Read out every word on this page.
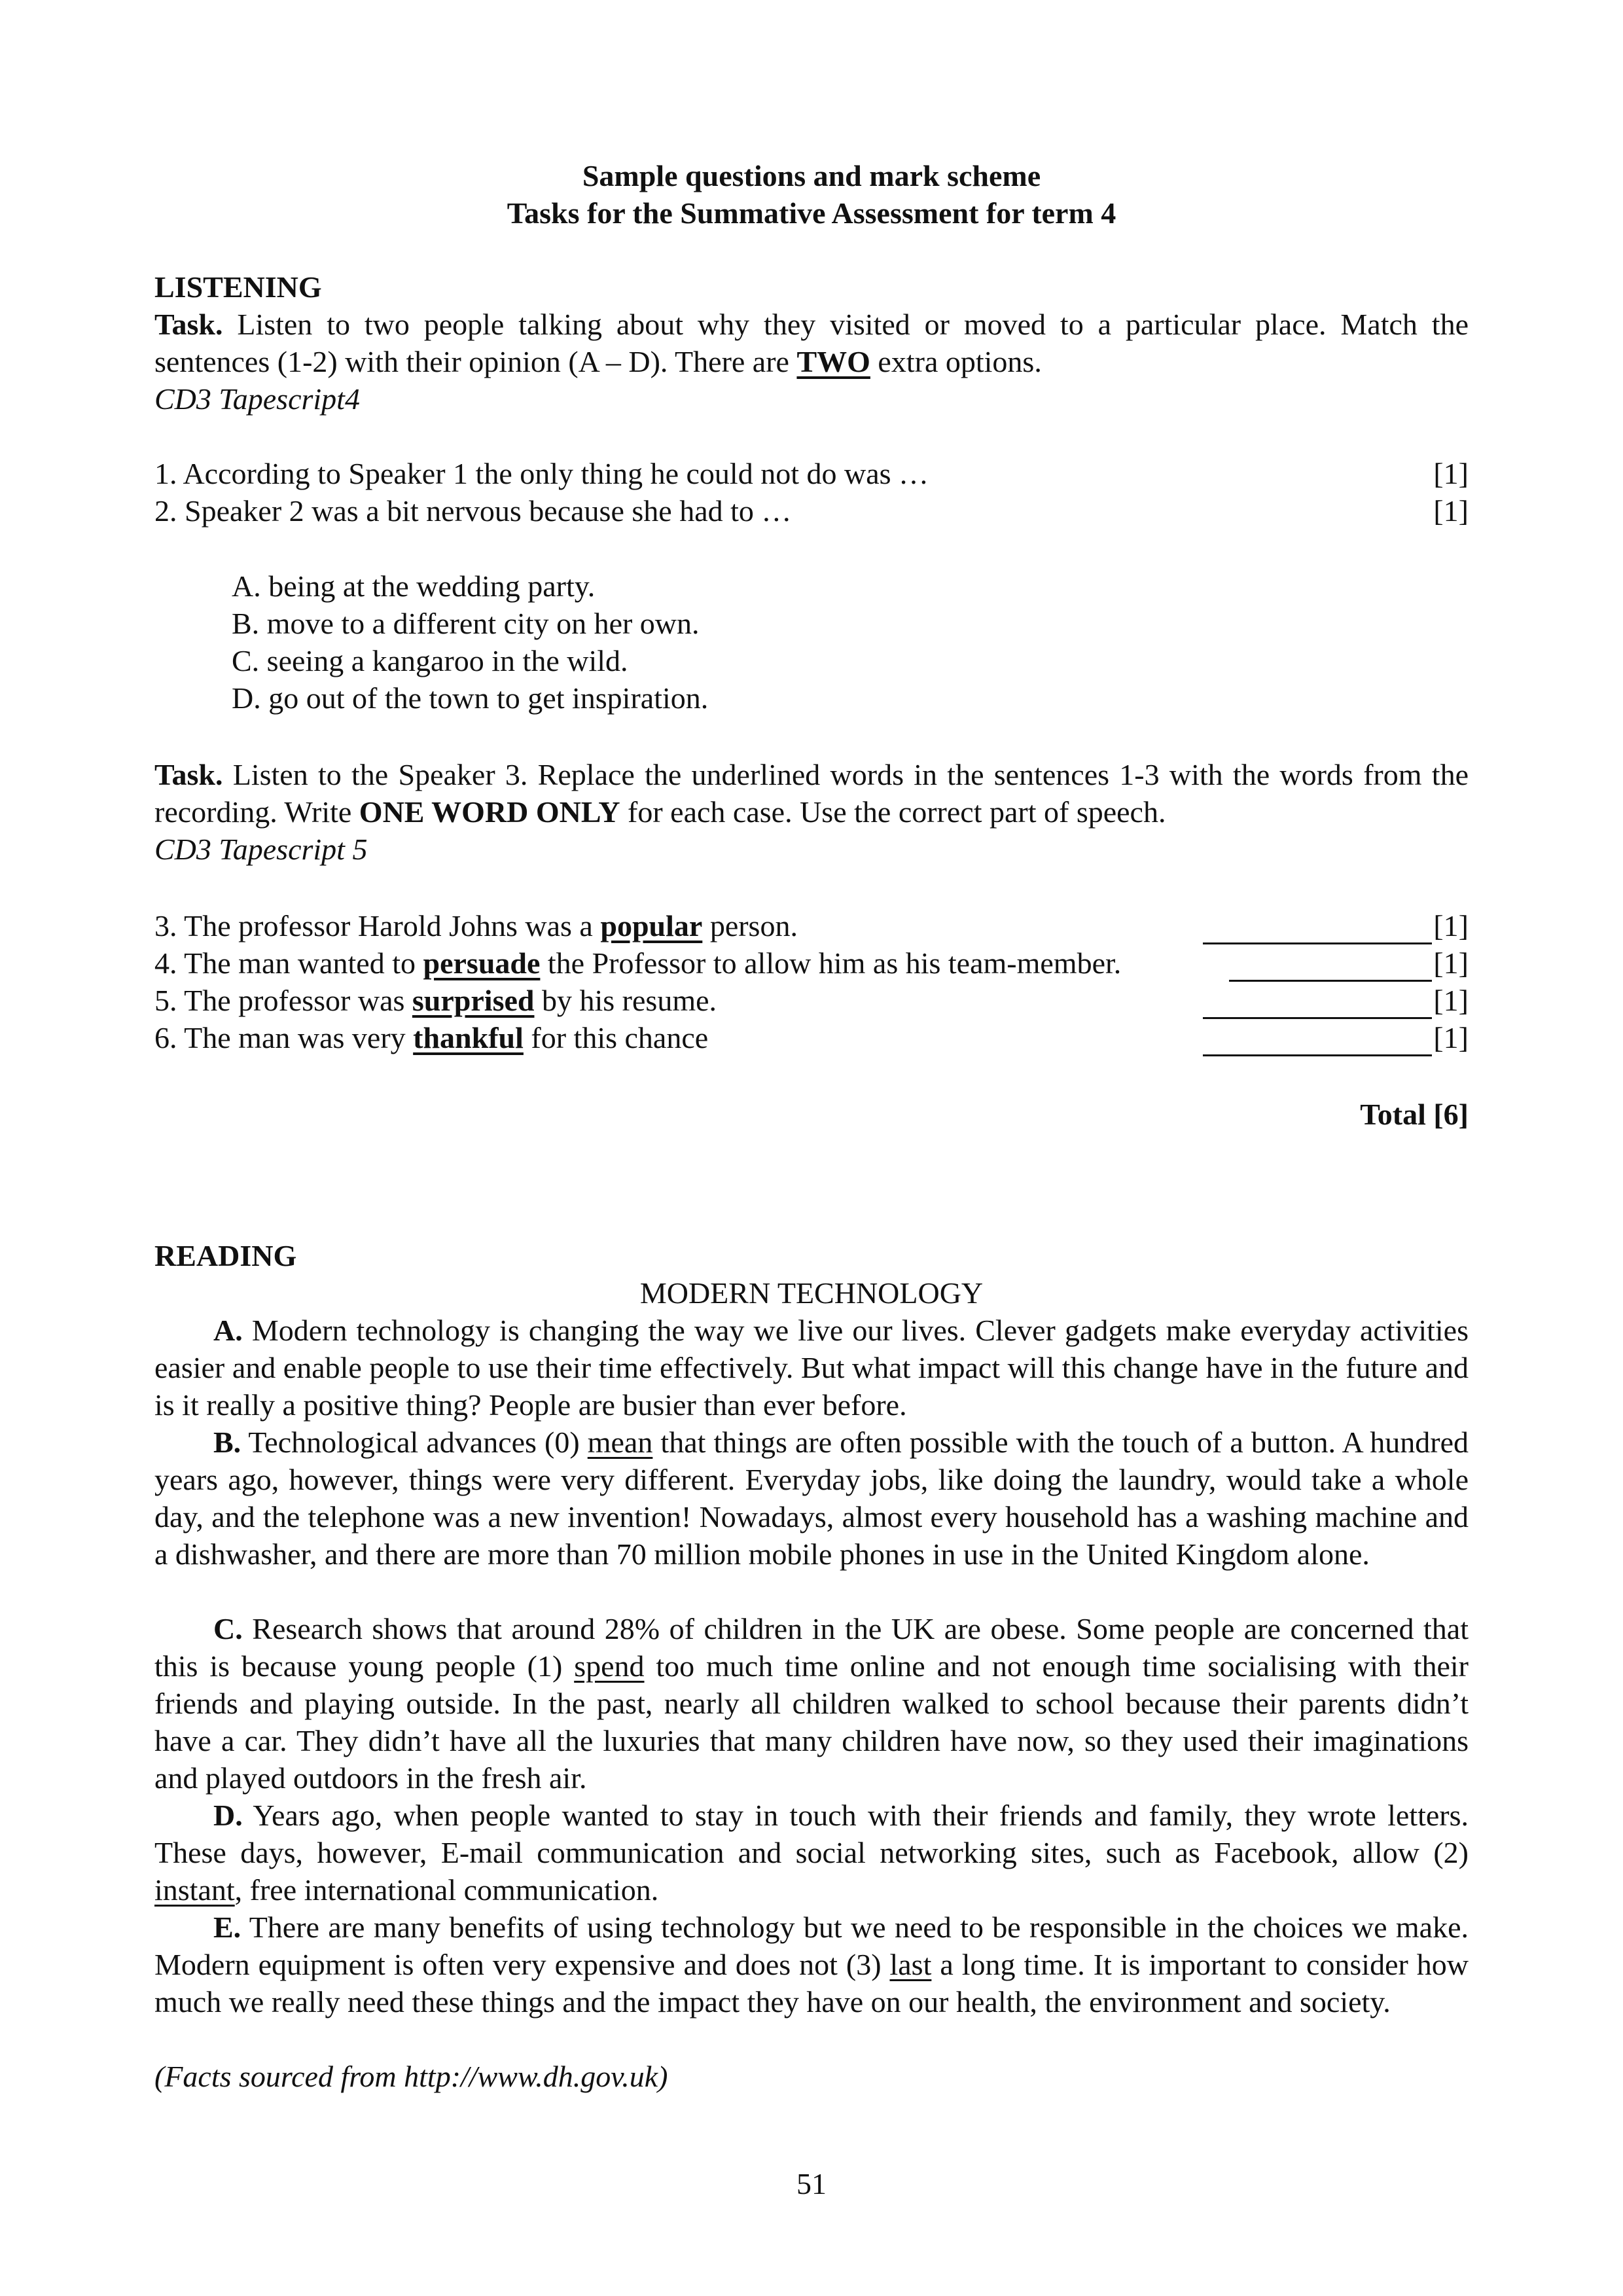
Sample questions and mark scheme
Tasks for the Summative Assessment for term 4
LISTENING
Task. Listen to two people talking about why they visited or moved to a particular place. Match the sentences (1-2) with their opinion (A – D). There are TWO extra options.
CD3 Tapescript4
1. According to Speaker 1 the only thing he could not do was …	[1]
2. Speaker 2 was a bit nervous because she had to …	[1]
A. being at the wedding party.
B. move to a different city on her own.
C. seeing a kangaroo in the wild.
D. go out of the town to get inspiration.
Task. Listen to the Speaker 3. Replace the underlined words in the sentences 1-3 with the words from the recording. Write ONE WORD ONLY for each case. Use the correct part of speech.
CD3 Tapescript 5
3. The professor Harold Johns was a popular person.	[1]
4. The man wanted to persuade the Professor to allow him as his team-member.	[1]
5. The professor was surprised by his resume.	[1]
6. The man was very thankful for this chance	[1]
Total [6]
READING
MODERN TECHNOLOGY
A. Modern technology is changing the way we live our lives. Clever gadgets make everyday activities easier and enable people to use their time effectively. But what impact will this change have in the future and is it really a positive thing? People are busier than ever before.
B. Technological advances (0) mean that things are often possible with the touch of a button. A hundred years ago, however, things were very different. Everyday jobs, like doing the laundry, would take a whole day, and the telephone was a new invention! Nowadays, almost every household has a washing machine and a dishwasher, and there are more than 70 million mobile phones in use in the United Kingdom alone.
C. Research shows that around 28% of children in the UK are obese. Some people are concerned that this is because young people (1) spend too much time online and not enough time socialising with their friends and playing outside. In the past, nearly all children walked to school because their parents didn’t have a car. They didn’t have all the luxuries that many children have now, so they used their imaginations and played outdoors in the fresh air.
D. Years ago, when people wanted to stay in touch with their friends and family, they wrote letters. These days, however, E-mail communication and social networking sites, such as Facebook, allow (2) instant, free international communication.
E. There are many benefits of using technology but we need to be responsible in the choices we make. Modern equipment is often very expensive and does not (3) last a long time. It is important to consider how much we really need these things and the impact they have on our health, the environment and society.
(Facts sourced from http://www.dh.gov.uk)
51
